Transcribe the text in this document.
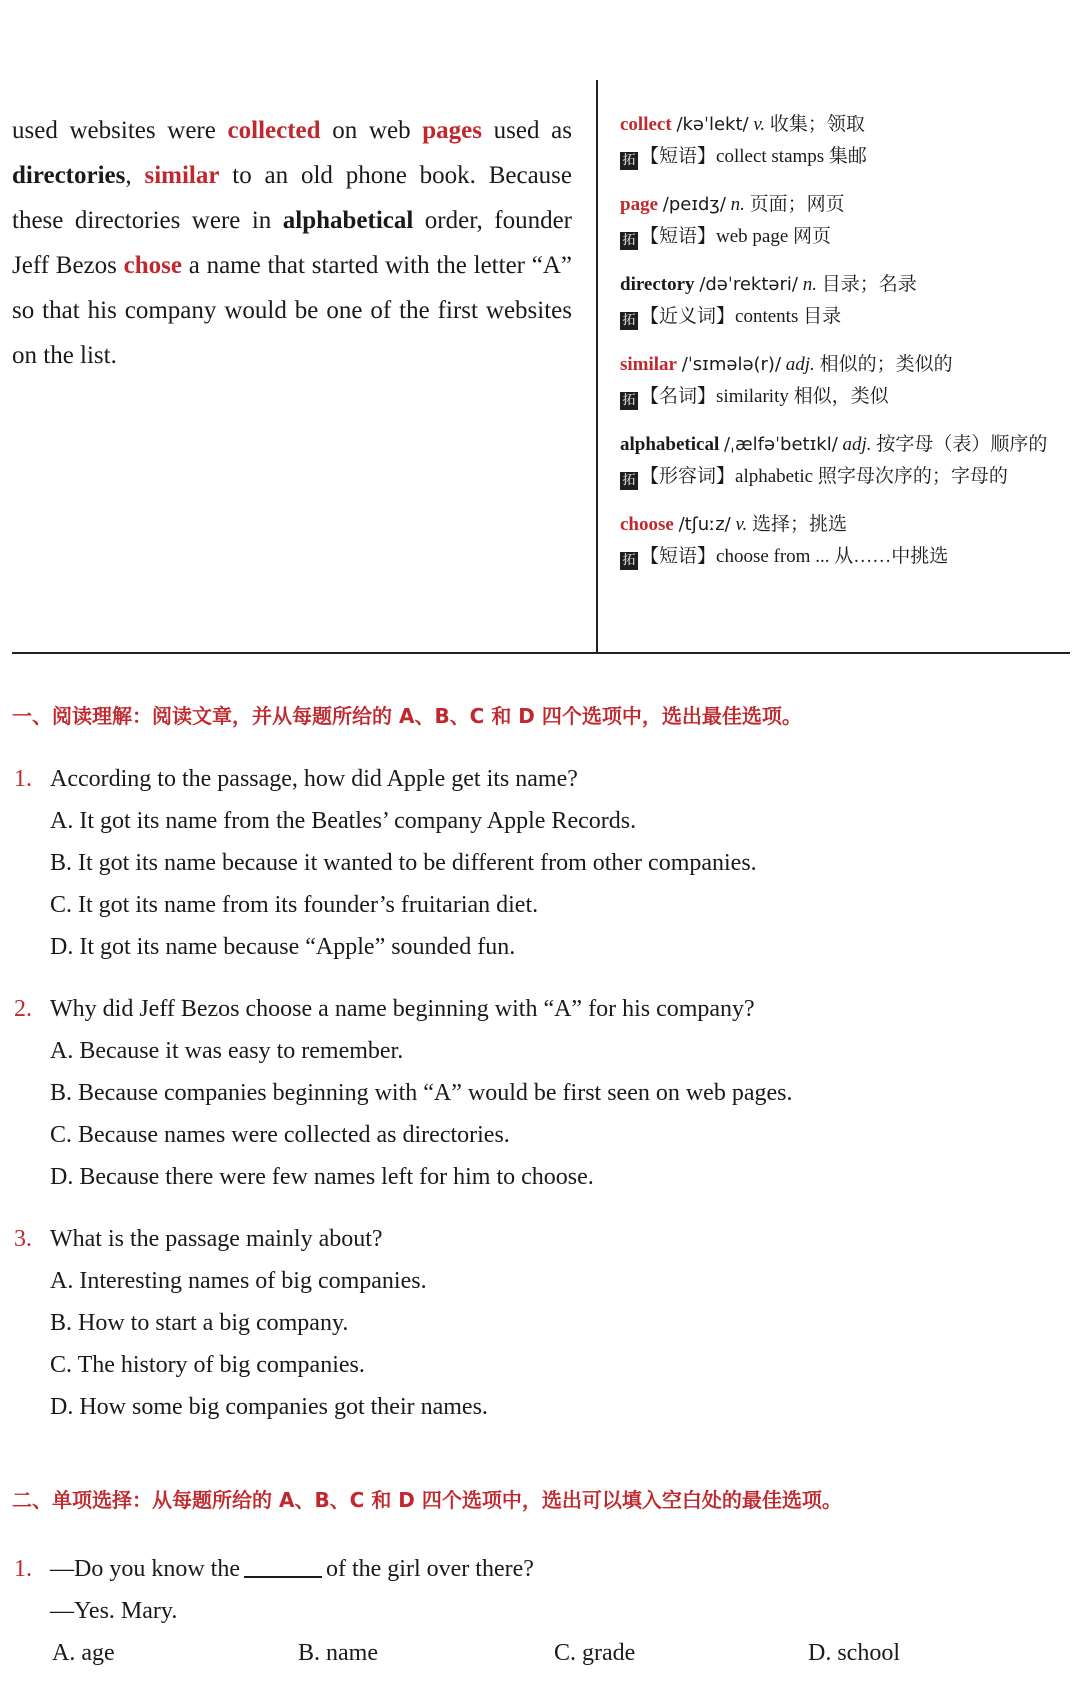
used websites were collected on web pages used as directories, similar to an old phone book. Because these directories were in alphabetical order, founder Jeff Bezos chose a name that started with the letter “A” so that his company would be one of the first websites on the list.
collect /kəˈlekt/ v. 收集；领取
拓 【短语】collect stamps 集邮
page /peɪdʒ/ n. 页面；网页
拓 【短语】web page 网页
directory /dəˈrektəri/ n. 目录；名录
拓 【近义词】contents 目录
similar /ˈsɪmələ(r)/ adj. 相似的；类似的
拓 【名词】similarity 相似，类似
alphabetical /ˌælfəˈbetɪkl/ adj. 按字母（表）顺序的
拓 【形容词】alphabetic 照字母次序的；字母的
choose /tʃuːz/ v. 选择；挑选
拓 【短语】choose from ... 从……中挑选
一、阅读理解：阅读文章，并从每题所给的 A、B、C 和 D 四个选项中，选出最佳选项。
1. According to the passage, how did Apple get its name?
A. It got its name from the Beatles’ company Apple Records.
B. It got its name because it wanted to be different from other companies.
C. It got its name from its founder’s fruitarian diet.
D. It got its name because “Apple” sounded fun.
2. Why did Jeff Bezos choose a name beginning with “A” for his company?
A. Because it was easy to remember.
B. Because companies beginning with “A” would be first seen on web pages.
C. Because names were collected as directories.
D. Because there were few names left for him to choose.
3. What is the passage mainly about?
A. Interesting names of big companies.
B. How to start a big company.
C. The history of big companies.
D. How some big companies got their names.
二、单项选择：从每题所给的 A、B、C 和 D 四个选项中，选出可以填入空白处的最佳选项。
1. —Do you know the	of the girl over there?
—Yes. Mary.
A. age	B. name	C. grade	D. school
